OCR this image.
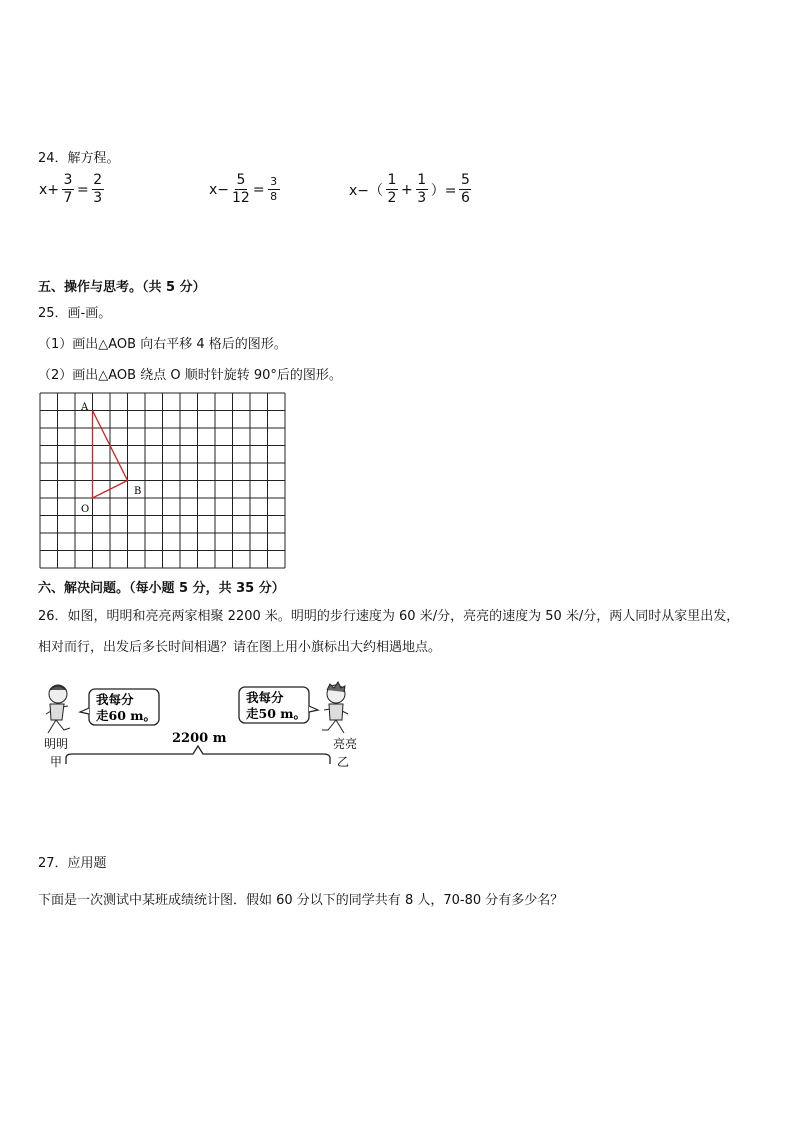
24．解方程。
$x+ \frac{3}{7} = \frac{2}{3}$	$x- \frac{5}{12} = \frac{3}{8}$	$x-( \frac{1}{2} + \frac{1}{3}$ ）= $\frac{5}{6}$
五、操作与思考。（共 5 分）
25．画-画。
（1）画出△AOB 向右平移 4 格后的图形。
（2）画出△AOB 绕点 O 顺时针旋转 90°后的图形。
A
O
B
六、解决问题。（每小题 5 分，共 35 分）
26．如图，明明和亮亮两家相聚 2200 米。明明的步行速度为 60 米/分，亮亮的速度为 50 米/分，两人同时从家里出发，
相对而行，出发后多长时间相遇？请在图上用小旗标出大约相遇地点。
我每分
走60 m。
我每分
走50 m。
2200 m
明明	亮亮
甲	乙
27．应用题
下面是一次测试中某班成绩统计图．假如 60 分以下的同学共有 8 人，70-80 分有多少名？
